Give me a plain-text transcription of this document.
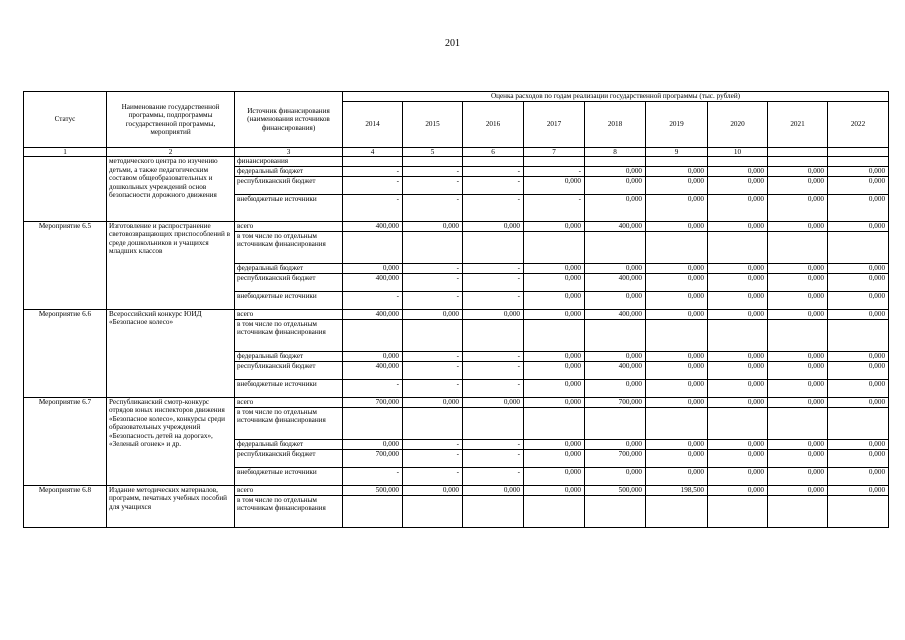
201
Статус	Наименование государственной программы, подпрограммы государственной программы, мероприятий	Источник финансирования (наименования источников финансирования)	Оценка расходов по годам реализации государственной программы (тыс. рублей)								
			2014	2015	2016	2017	2018	2019	2020	2021	2022
1	2	3	4	5	6	7	8	9	10		
	методического центра по изучению детьми, а также педагогическим составом общеобразовательных и дошкольных учреждений основ безопасности дорожного движения	финансирования									
		федеральный бюджет	-	-	-	-	0,000	0,000	0,000	0,000	0,000
		республиканский бюджет	-	-	-	0,000	0,000	0,000	0,000	0,000	0,000
		внебюджетные источники	-	-	-	-	0,000	0,000	0,000	0,000	0,000
Мероприятие 6.5	Изготовление и распространение световозвращающих приспособлений в среде дошкольников и учащихся младших классов	всего	400,000	0,000	0,000	0,000	400,000	0,000	0,000	0,000	0,000
		в том числе по отдельным источникам финансирования									
		федеральный бюджет	0,000	-	-	0,000	0,000	0,000	0,000	0,000	0,000
		республиканский бюджет	400,000	-	-	0,000	400,000	0,000	0,000	0,000	0,000
		внебюджетные источники	-	-	-	0,000	0,000	0,000	0,000	0,000	0,000
Мероприятие 6.6	Всероссийский конкурс ЮИД «Безопасное колесо»	всего	400,000	0,000	0,000	0,000	400,000	0,000	0,000	0,000	0,000
		в том числе по отдельным источникам финансирования									
		федеральный бюджет	0,000	-	-	0,000	0,000	0,000	0,000	0,000	0,000
		республиканский бюджет	400,000	-	-	0,000	400,000	0,000	0,000	0,000	0,000
		внебюджетные источники	-	-	-	0,000	0,000	0,000	0,000	0,000	0,000
Мероприятие 6.7	Республиканский смотр-конкурс отрядов юных инспекторов движения «Безопасное колесо», конкурсы среди образовательных учреждений «Безопасность детей на дорогах», «Зеленый огонек» и др.	всего	700,000	0,000	0,000	0,000	700,000	0,000	0,000	0,000	0,000
		в том числе по отдельным источникам финансирования									
		федеральный бюджет	0,000	-	-	0,000	0,000	0,000	0,000	0,000	0,000
		республиканский бюджет	700,000	-	-	0,000	700,000	0,000	0,000	0,000	0,000
		внебюджетные источники	-	-	-	0,000	0,000	0,000	0,000	0,000	0,000
Мероприятие 6.8	Издание методических материалов, программ, печатных учебных пособий для учащихся	всего	500,000	0,000	0,000	0,000	500,000	198,500	0,000	0,000	0,000
		в том числе по отдельным источникам финансирования									
